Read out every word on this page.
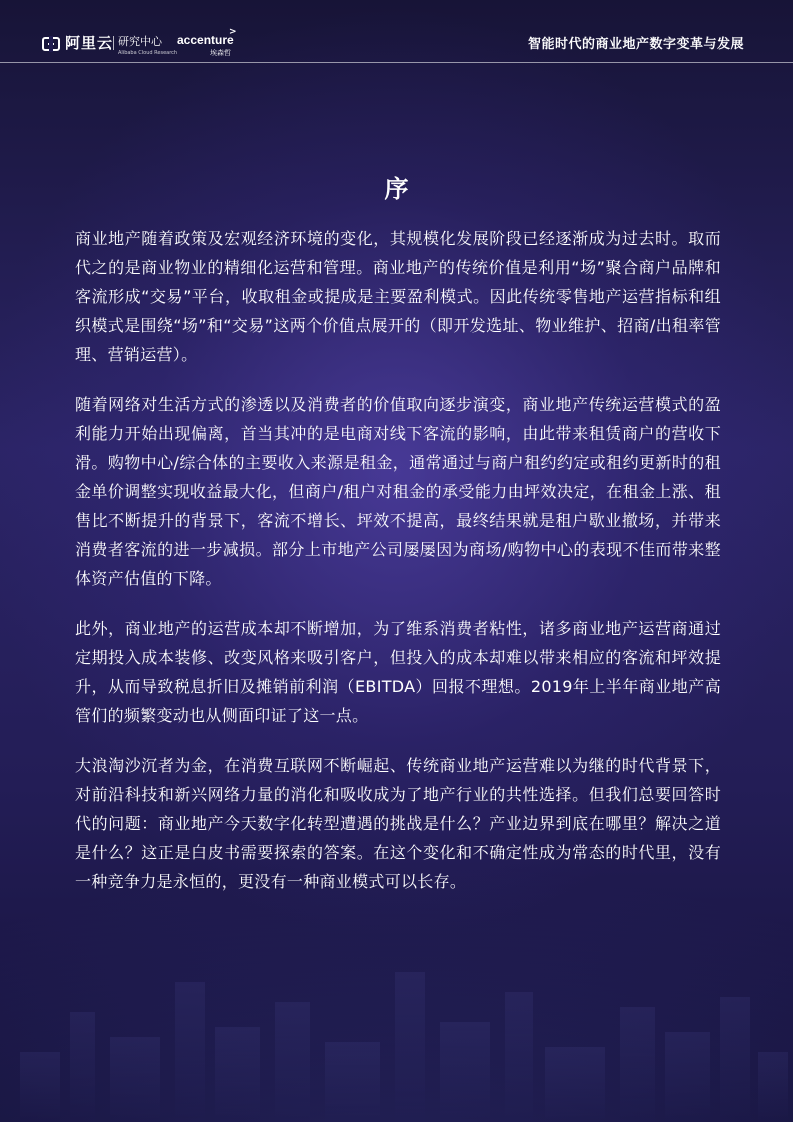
阿里云 研究中心
Alibaba Cloud Research
accenture
>
埃森哲
智能时代的商业地产数字变革与发展
序

商业地产随着政策及宏观经济环境的变化，其规模化发展阶段已经逐渐成为过去时。取而代之的是商业物业的精细化运营和管理。商业地产的传统价值是利用“场”聚合商户品牌和客流形成“交易”平台，收取租金或提成是主要盈利模式。因此传统零售地产运营指标和组织模式是围绕“场”和“交易”这两个价值点展开的（即开发选址、物业维护、招商/出租率管理、营销运营）。

随着网络对生活方式的渗透以及消费者的价值取向逐步演变，商业地产传统运营模式的盈利能力开始出现偏离，首当其冲的是电商对线下客流的影响，由此带来租赁商户的营收下滑。购物中心/综合体的主要收入来源是租金，通常通过与商户租约约定或租约更新时的租金单价调整实现收益最大化，但商户/租户对租金的承受能力由坪效决定，在租金上涨、租售比不断提升的背景下，客流不增长、坪效不提高，最终结果就是租户歇业撤场，并带来消费者客流的进一步减损。部分上市地产公司屡屡因为商场/购物中心的表现不佳而带来整体资产估值的下降。

此外，商业地产的运营成本却不断增加，为了维系消费者粘性，诸多商业地产运营商通过定期投入成本装修、改变风格来吸引客户，但投入的成本却难以带来相应的客流和坪效提升，从而导致税息折旧及摊销前利润（EBITDA）回报不理想。2019年上半年商业地产高管们的频繁变动也从侧面印证了这一点。

大浪淘沙沉者为金，在消费互联网不断崛起、传统商业地产运营难以为继的时代背景下，对前沿科技和新兴网络力量的消化和吸收成为了地产行业的共性选择。但我们总要回答时代的问题：商业地产今天数字化转型遭遇的挑战是什么？产业边界到底在哪里？解决之道是什么？这正是白皮书需要探索的答案。在这个变化和不确定性成为常态的时代里，没有一种竞争力是永恒的，更没有一种商业模式可以长存。
